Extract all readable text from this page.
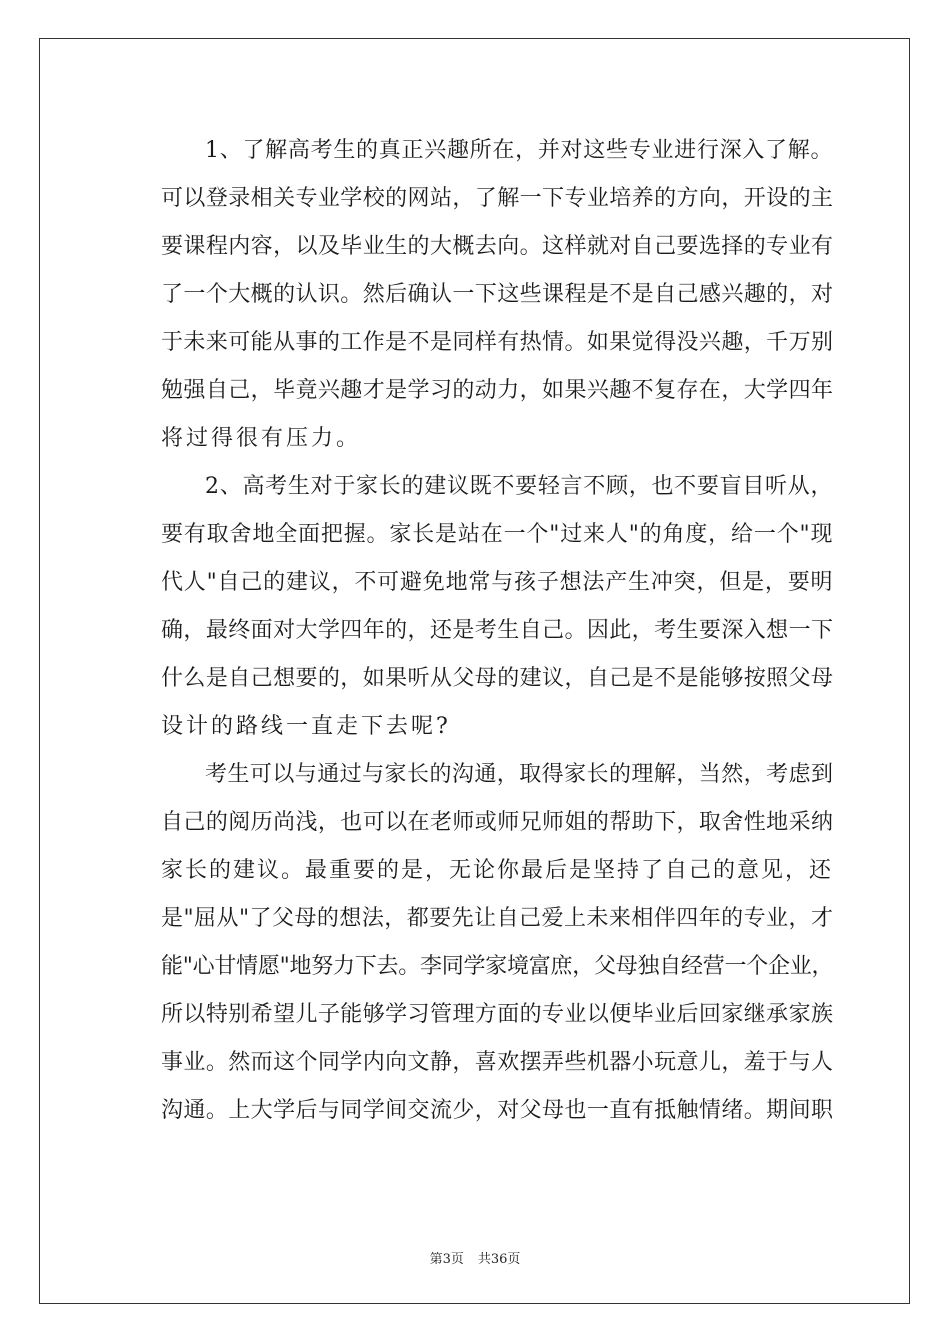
1、了解高考生的真正兴趣所在，并对这些专业进行深入了解。
可以登录相关专业学校的网站，了解一下专业培养的方向，开设的主
要课程内容，以及毕业生的大概去向。这样就对自己要选择的专业有
了一个大概的认识。然后确认一下这些课程是不是自己感兴趣的，对
于未来可能从事的工作是不是同样有热情。如果觉得没兴趣，千万别
勉强自己，毕竟兴趣才是学习的动力，如果兴趣不复存在，大学四年
将过得很有压力。
2、高考生对于家长的建议既不要轻言不顾，也不要盲目听从，
要有取舍地全面把握。家长是站在一个"过来人"的角度，给一个"现
代人"自己的建议，不可避免地常与孩子想法产生冲突，但是，要明
确，最终面对大学四年的，还是考生自己。因此，考生要深入想一下
什么是自己想要的，如果听从父母的建议，自己是不是能够按照父母
设计的路线一直走下去呢?
考生可以与通过与家长的沟通，取得家长的理解，当然，考虑到
自己的阅历尚浅，也可以在老师或师兄师姐的帮助下，取舍性地采纳
家长的建议。最重要的是，无论你最后是坚持了自己的意见，还
是"屈从"了父母的想法，都要先让自己爱上未来相伴四年的专业，才
能"心甘情愿"地努力下去。李同学家境富庶，父母独自经营一个企业，
所以特别希望儿子能够学习管理方面的专业以便毕业后回家继承家族
事业。然而这个同学内向文静，喜欢摆弄些机器小玩意儿，羞于与人
沟通。上大学后与同学间交流少，对父母也一直有抵触情绪。期间职
第3页 共36页
